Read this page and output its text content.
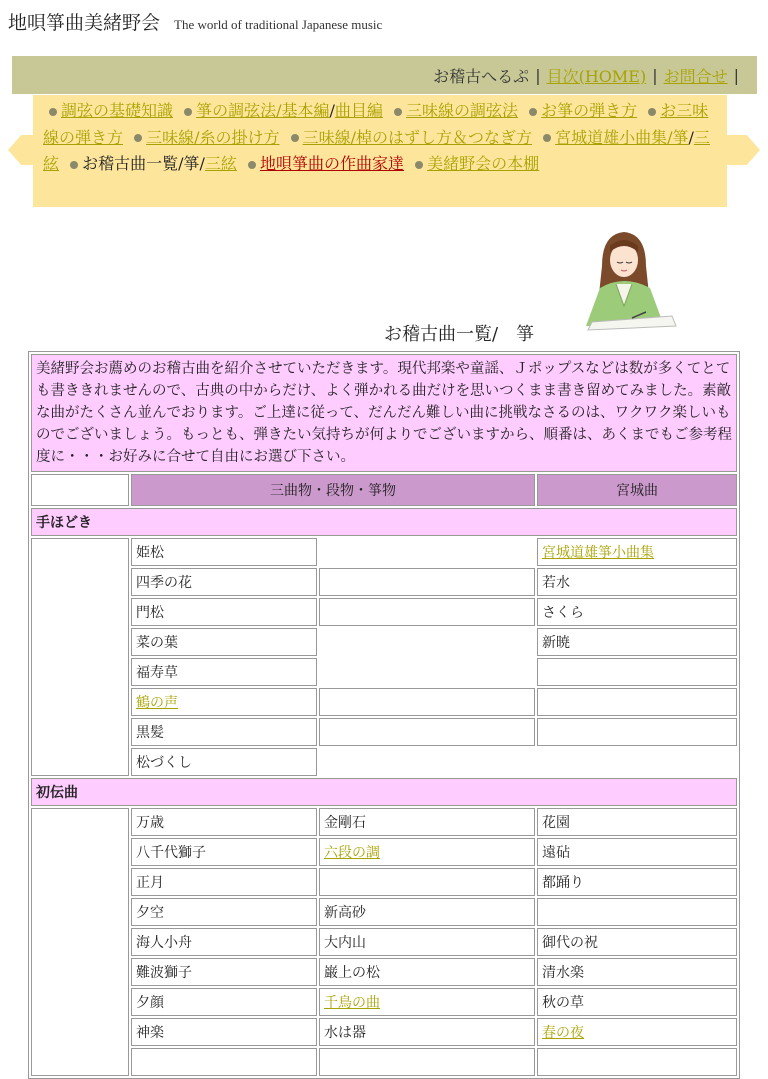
地唄箏曲美緒野会 The world of traditional Japanese music
お稽古へるぷ | 目次(HOME) | お問合せ |
調弦の基礎知識 箏の調弦法/基本編/曲目編 三味線の調弦法 お箏の弾き方 お三味線の弾き方 三味線/糸の掛け方 三味線/棹のはずし方＆つなぎ方 宮城道雄小曲集/箏/三絃 お稽古曲一覧/箏/三絃 地唄箏曲の作曲家達 美緒野会の本棚
お稽古曲一覧/　箏
美緒野会お薦めのお稽古曲を紹介させていただきます。現代邦楽や童謡、Ｊポップスなどは数が多くてとても書ききれませんので、古典の中からだけ、よく弾かれる曲だけを思いつくまま書き留めてみました。素敵な曲がたくさん並んでおります。ご上達に従って、だんだん難しい曲に挑戦なさるのは、ワクワク楽しいものでございましょう。もっとも、弾きたい気持ちが何よりでございますから、順番は、あくまでもご参考程度に・・・お好みに合せて自由にお選び下さい。			
	三曲物・段物・箏物		宮城曲
手ほどき			
	姫松		宮城道雄箏小曲集
	四季の花		若水
	門松		さくら
	菜の葉		新暁
	福寿草		
	鶴の声		
	黒髪		
	松づくし		
初伝曲			
	万歳	金剛石	花園
	八千代獅子	六段の調	遠砧
	正月		都踊り
	夕空	新高砂	
	海人小舟	大内山	御代の祝
	難波獅子	巌上の松	清水楽
	夕顔	千鳥の曲	秋の草
	神楽	水は器	春の夜
